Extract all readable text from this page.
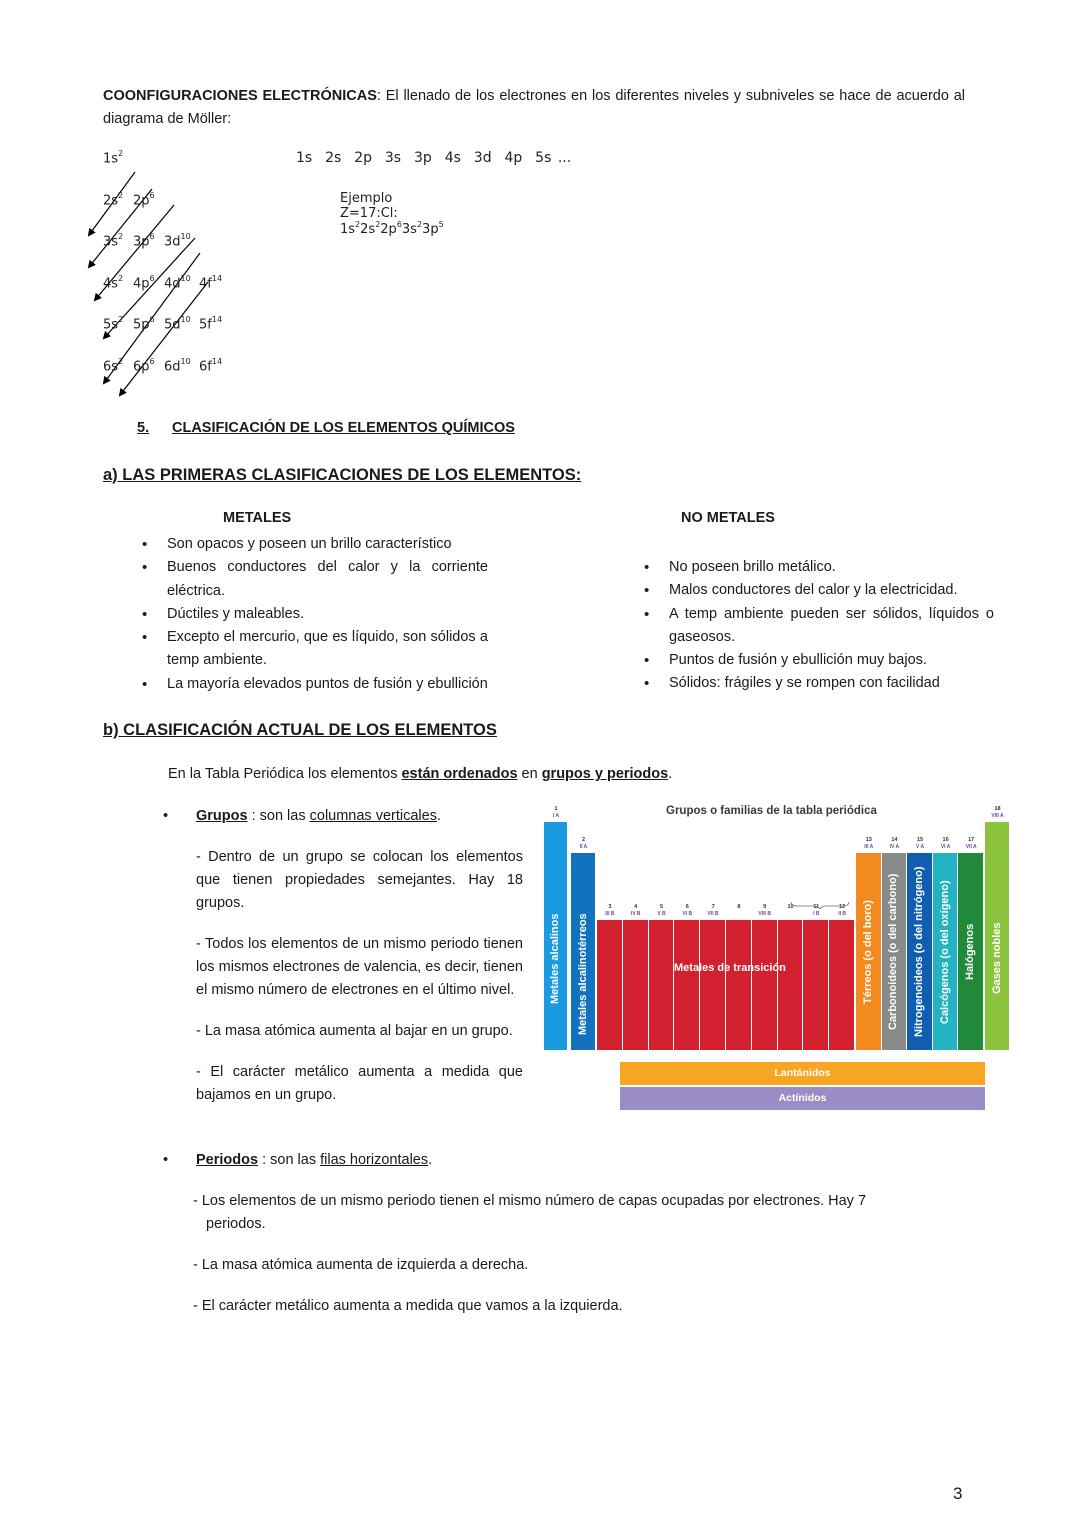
COONFIGURACIONES ELECTRÓNICAS: El llenado de los electrones en los diferentes niveles y subniveles se hace de acuerdo al diagrama de Möller:
$1s^2$
$2s^2$ $2p^6$
$3s^2$ $3p^6$ $3d^{10}$
$4s^2$ $4p^6$ $4d^{10}$ $4f^{14}$
$5s^2$ $5p^6$ $5d^{10}$ $5f^{14}$
$6s^2$ $6p^6$ $6d^{10}$ $6f^{14}$
1s  2s  2p  3s  3p  4s  3d  4p  5s ...
Ejemplo Z=17:Cl: $1s^22s^22p^63s^23p^5$
5. CLASIFICACIÓN DE LOS ELEMENTOS QUÍMICOS
a) LAS PRIMERAS CLASIFICACIONES DE LOS ELEMENTOS:
METALES
• Son opacos y poseen un brillo característico
• Buenos conductores del calor y la corriente eléctrica.
• Dúctiles y maleables.
• Excepto el mercurio, que es líquido, son sólidos a temp ambiente.
• La mayoría elevados puntos de fusión y ebullición
NO METALES
• No poseen brillo metálico.
• Malos conductores del calor y la electricidad.
• A temp ambiente pueden ser sólidos, líquidos o gaseosos.
• Puntos de fusión y ebullición muy bajos.
• Sólidos: frágiles y se rompen con facilidad
b) CLASIFICACIÓN ACTUAL DE LOS ELEMENTOS
En la Tabla Periódica los elementos están ordenados en grupos y periodos.
• Grupos : son las columnas verticales.

- Dentro de un grupo se colocan los elementos que tienen propiedades semejantes. Hay 18 grupos.

- Todos los elementos de un mismo periodo tienen los mismos electrones de valencia, es decir, tienen el mismo número de electrones en el último nivel.

- La masa atómica aumenta al bajar en un grupo.

- El carácter metálico aumenta a medida que bajamos en un grupo.

Grupos o familias de la tabla periódica
1
I A
Metales alcalinos
2
II A
Metales alcalinotérreos
3
III B
4
IV B
5
V B
6
VI B
7
VII B
8	9
VIII B
10	11
I B
12
II B
13
III A
Térreos (o del boro)
14
IV A
Carbonoideos (o del carbono)
15
V A
Nitrogenoideos (o del nitrógeno)
16
VI A
Calcógenos (o del oxígeno)
17
VII A
Halógenos
18
VIII A
Gases nobles
Metales de transición
Lantánidos
Actínidos
• Periodos : son las filas horizontales.

- Los elementos de un mismo periodo tienen el mismo número de capas ocupadas por electrones. Hay 7 periodos.

- La masa atómica aumenta de izquierda a derecha.

- El carácter metálico aumenta a medida que vamos a la izquierda.

3
